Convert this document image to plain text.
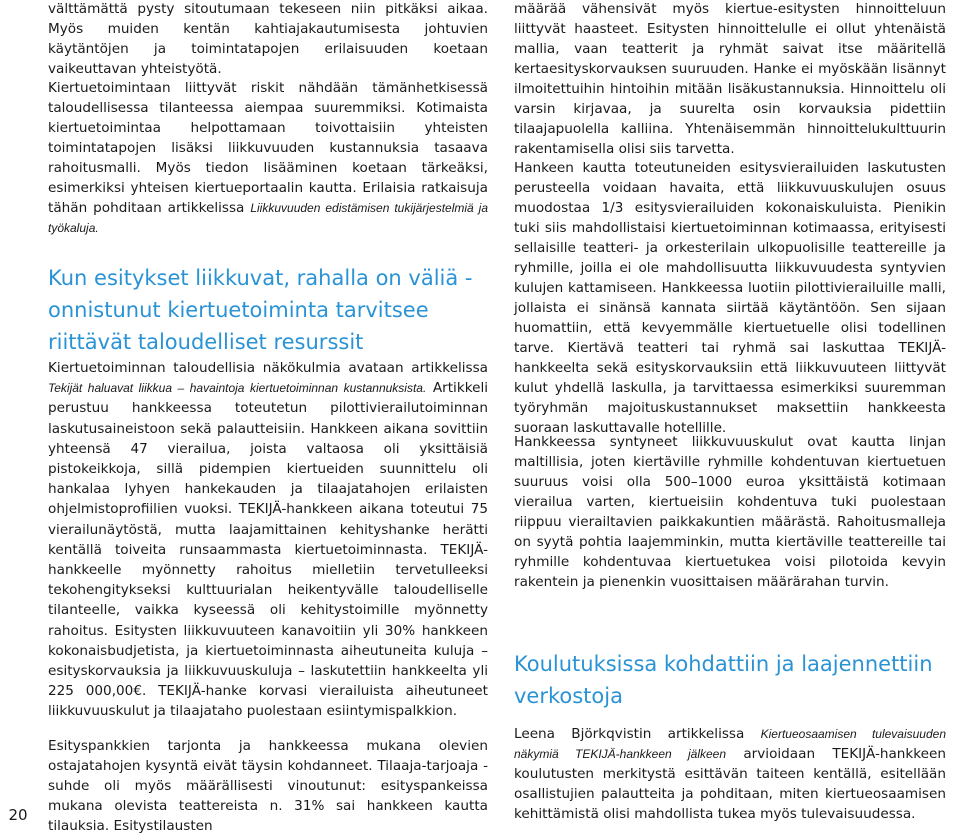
20

välttämättä pysty sitoutumaan tekeseen niin pitkäksi aikaa. Myös muiden kentän kahtiajakautumisesta johtuvien käytäntöjen ja toimintatapojen erilaisuuden koetaan vaikeuttavan yhteistyötä.

Kiertuetoimintaan liittyvät riskit nähdään tämänhetkisessä taloudellisessa tilanteessa aiempaa suuremmiksi. Kotimaista kiertuetoimintaa helpottamaan toivottaisiin yhteisten toimintatapojen lisäksi liikkuvuuden kustannuksia tasaava rahoitusmalli. Myös tiedon lisääminen koetaan tärkeäksi, esimerkiksi yhteisen kiertueportaalin kautta. Erilaisia ratkaisuja tähän pohditaan artikkelissa Liikkuvuuden edistämisen tukijärjestelmiä ja työkaluja.

Kun esitykset liikkuvat, rahalla on väliä - onnistunut kiertuetoiminta tarvitsee riittävät taloudelliset resurssit

Kiertuetoiminnan taloudellisia näkökulmia avataan artikkelissa Tekijät haluavat liikkua – havaintoja kiertuetoiminnan kustannuksista. Artikkeli perustuu hankkeessa toteutetun pilottivierailutoiminnan laskutusaineistoon sekä palautteisiin. Hankkeen aikana sovittiin yhteensä 47 vierailua, joista valtaosa oli yksittäisiä pistokeikkoja, sillä pidempien kiertueiden suunnittelu oli hankalaa lyhyen hankekauden ja tilaajatahojen erilaisten ohjelmistoprofiilien vuoksi. TEKIJÄ-hankkeen aikana toteutui 75 vierailunäytöstä, mutta laajamittainen kehityshanke herätti kentällä toiveita runsaammasta kiertuetoiminnasta. TEKIJÄ-hankkeelle myönnetty rahoitus mielletiin tervetulleeksi tekohengitykseksi kulttuurialan heikentyvälle taloudelliselle tilanteelle, vaikka kyseessä oli kehitystoimille myönnetty rahoitus. Esitysten liikkuvuuteen kanavoitiin yli 30% hankkeen kokonaisbudjetista, ja kiertuetoiminnasta aiheutuneita kuluja – esityskorvauksia ja liikkuvuuskuluja – laskutettiin hankkeelta yli 225 000,00€. TEKIJÄ-hanke korvasi vierailuista aiheutuneet liikkuvuuskulut ja tilaajataho puolestaan esiintymispalkkion.

Esityspankkien tarjonta ja hankkeessa mukana olevien ostajatahojen kysyntä eivät täysin kohdanneet. Tilaaja-tarjoaja -suhde oli myös määrällisesti vinoutunut: esityspankeissa mukana olevista teattereista n. 31% sai hankkeen kautta tilauksia. Esitystilausten

määrää vähensivät myös kiertue-esitysten hinnoitteluun liittyvät haasteet. Esitysten hinnoittelulle ei ollut yhtenäistä mallia, vaan teatterit ja ryhmät saivat itse määritellä kertaesityskorvauksen suuruuden. Hanke ei myöskään lisännyt ilmoitettuihin hintoihin mitään lisäkustannuksia. Hinnoittelu oli varsin kirjavaa, ja suurelta osin korvauksia pidettiin tilaajapuolella kalliina. Yhtenäisemmän hinnoittelukulttuurin rakentamisella olisi siis tarvetta.

Hankeen kautta toteutuneiden esitysvierailuiden laskutusten perusteella voidaan havaita, että liikkuvuuskulujen osuus muodostaa 1/3 esitysvierailuiden kokonaiskuluista. Pienikin tuki siis mahdollistaisi kiertuetoiminnan kotimaassa, erityisesti sellaisille teatteri- ja orkesterilain ulkopuolisille teattereille ja ryhmille, joilla ei ole mahdollisuutta liikkuvuudesta syntyvien kulujen kattamiseen. Hankkeessa luotiin pilottivierailuille malli, jollaista ei sinänsä kannata siirtää käytäntöön. Sen sijaan huomattiin, että kevyemmälle kiertuetuelle olisi todellinen tarve. Kiertävä teatteri tai ryhmä sai laskuttaa TEKIJÄ-hankkeelta sekä esityskorvauksiin että liikkuvuuteen liittyvät kulut yhdellä laskulla, ja tarvittaessa esimerkiksi suuremman työryhmän majoituskustannukset maksettiin hankkeesta suoraan laskuttavalle hotellille.

Hankkeessa syntyneet liikkuvuuskulut ovat kautta linjan maltillisia, joten kiertäville ryhmille kohdentuvan kiertuetuen suuruus voisi olla 500–1000 euroa yksittäistä kotimaan vierailua varten, kiertueisiin kohdentuva tuki puolestaan riippuu vierailtavien paikkakuntien määrästä. Rahoitusmalleja on syytä pohtia laajemminkin, mutta kiertäville teattereille tai ryhmille kohdentuvaa kiertuetukea voisi pilotoida kevyin rakentein ja pienenkin vuosittaisen määrärahan turvin.

Koulutuksissa kohdattiin ja laajennettiin verkostoja

Leena Björkqvistin artikkelissa Kiertueosaamisen tulevaisuuden näkymiä TEKIJÄ-hankkeen jälkeen arvioidaan TEKIJÄ-hankkeen koulutusten merkitystä esittävän taiteen kentällä, esitellään osallistujien palautteita ja pohditaan, miten kiertueosaamisen kehittämistä olisi mahdollista tukea myös tulevaisuudessa.
